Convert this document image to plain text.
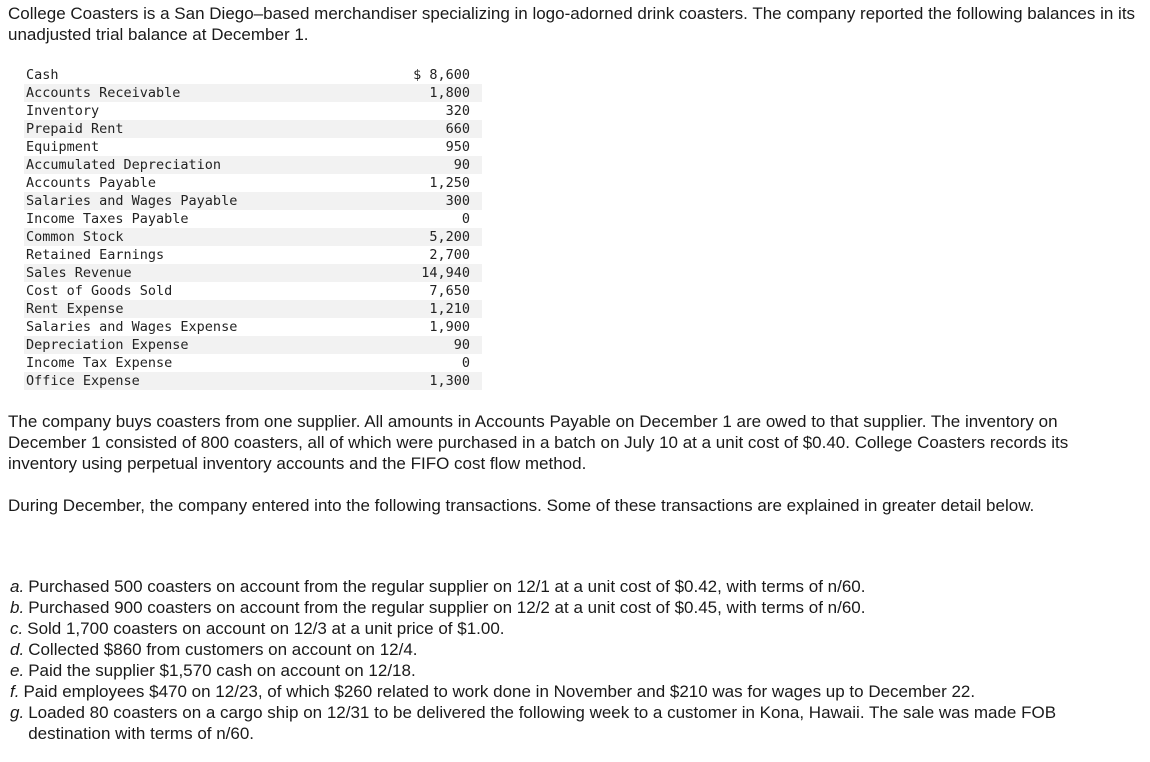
College Coasters is a San Diego–based merchandiser specializing in logo-adorned drink coasters. The company reported the following balances in its unadjusted trial balance at December 1.

Cash	$ 8,600
Accounts Receivable	1,800
Inventory	320
Prepaid Rent	660
Equipment	950
Accumulated Depreciation	90
Accounts Payable	1,250
Salaries and Wages Payable	300
Income Taxes Payable	0
Common Stock	5,200
Retained Earnings	2,700
Sales Revenue	14,940
Cost of Goods Sold	7,650
Rent Expense	1,210
Salaries and Wages Expense	1,900
Depreciation Expense	90
Income Tax Expense	0
Office Expense	1,300

The company buys coasters from one supplier. All amounts in Accounts Payable on December 1 are owed to that supplier. The inventory on December 1 consisted of 800 coasters, all of which were purchased in a batch on July 10 at a unit cost of $0.40. College Coasters records its inventory using perpetual inventory accounts and the FIFO cost flow method.

During December, the company entered into the following transactions. Some of these transactions are explained in greater detail below.

a. Purchased 500 coasters on account from the regular supplier on 12/1 at a unit cost of $0.42, with terms of n/60.
b. Purchased 900 coasters on account from the regular supplier on 12/2 at a unit cost of $0.45, with terms of n/60.
c. Sold 1,700 coasters on account on 12/3 at a unit price of $1.00.
d. Collected $860 from customers on account on 12/4.
e. Paid the supplier $1,570 cash on account on 12/18.
f. Paid employees $470 on 12/23, of which $260 related to work done in November and $210 was for wages up to December 22.
g. Loaded 80 coasters on a cargo ship on 12/31 to be delivered the following week to a customer in Kona, Hawaii. The sale was made FOB destination with terms of n/60.
